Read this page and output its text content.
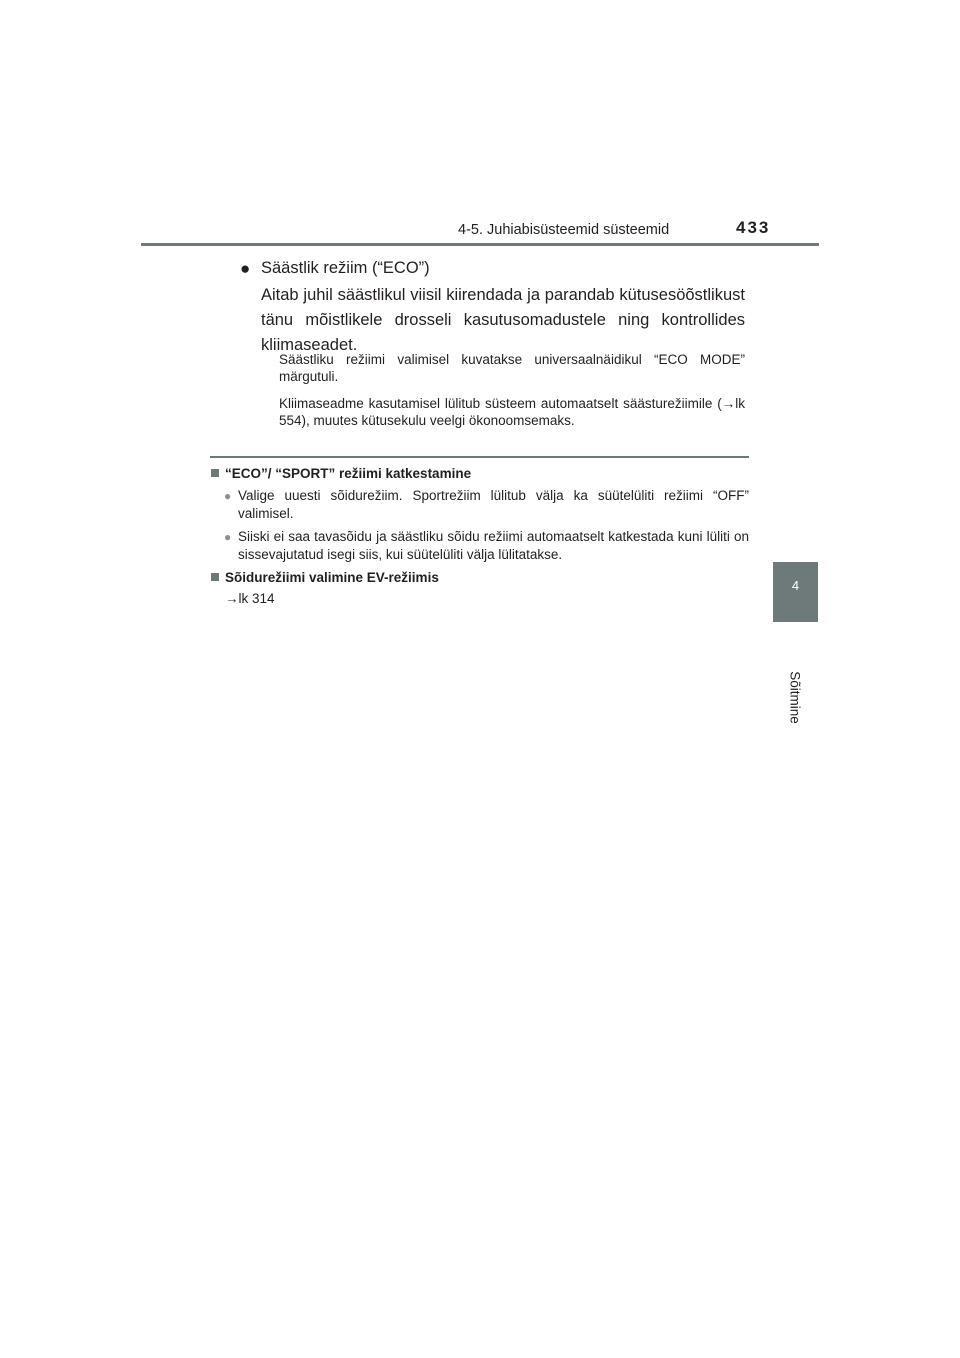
4-5. Juhiabisüsteemid süsteemid	433
4
Sõitmine
● Säästlik režiim (“ECO”)
Aitab juhil säästlikul viisil kiirendada ja parandab kütusesöõstlikust tänu mõistlikele drosseli kasutusomadustele ning kontrollides kliimaseadet.
Säästliku režiimi valimisel kuvatakse universaalnäidikul “ECO MODE” märgutuli.
Kliimaseadme kasutamisel lülitub süsteem automaatselt säästurežiimile (→lk 554), muutes kütusekulu veelgi ökonoomsemaks.
“ECO”/ “SPORT” režiimi katkestamine
● Valige uuesti sõidurežiim. Sportrežiim lülitub välja ka süütelüliti režiimi “OFF” valimisel.
● Siiski ei saa tavasõidu ja säästliku sõidu režiimi automaatselt katkestada kuni lüliti on sissevajutatud isegi siis, kui süütelüliti välja lülitatakse.
Sõidurežiimi valimine EV-režiimis
→lk 314
